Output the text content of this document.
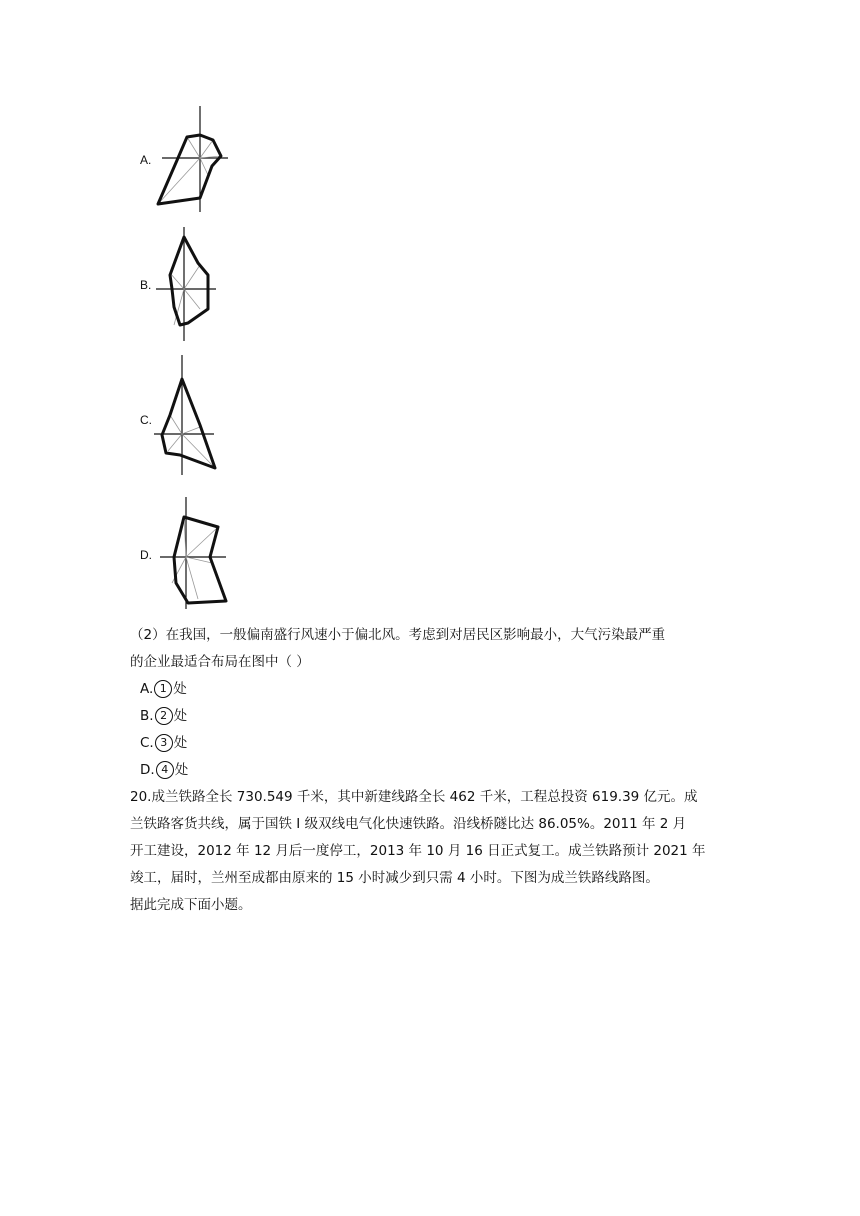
A.
B.
C.
D.
（2）在我国，一般偏南盛行风速小于偏北风。考虑到对居民区影响最小，大气污染最严重
的企业最适合布局在图中（ ）
A. 1 处
B. 2 处
C. 3 处
D. 4 处
20.成兰铁路全长 730.549 千米，其中新建线路全长 462 千米，工程总投资 619.39 亿元。成
兰铁路客货共线，属于国铁 I 级双线电气化快速铁路。沿线桥隧比达 86.05%。2011 年 2 月
开工建设，2012 年 12 月后一度停工，2013 年 10 月 16 日正式复工。成兰铁路预计 2021 年
竣工，届时，兰州至成都由原来的 15 小时减少到只需 4 小时。下图为成兰铁路线路图。
据此完成下面小题。
